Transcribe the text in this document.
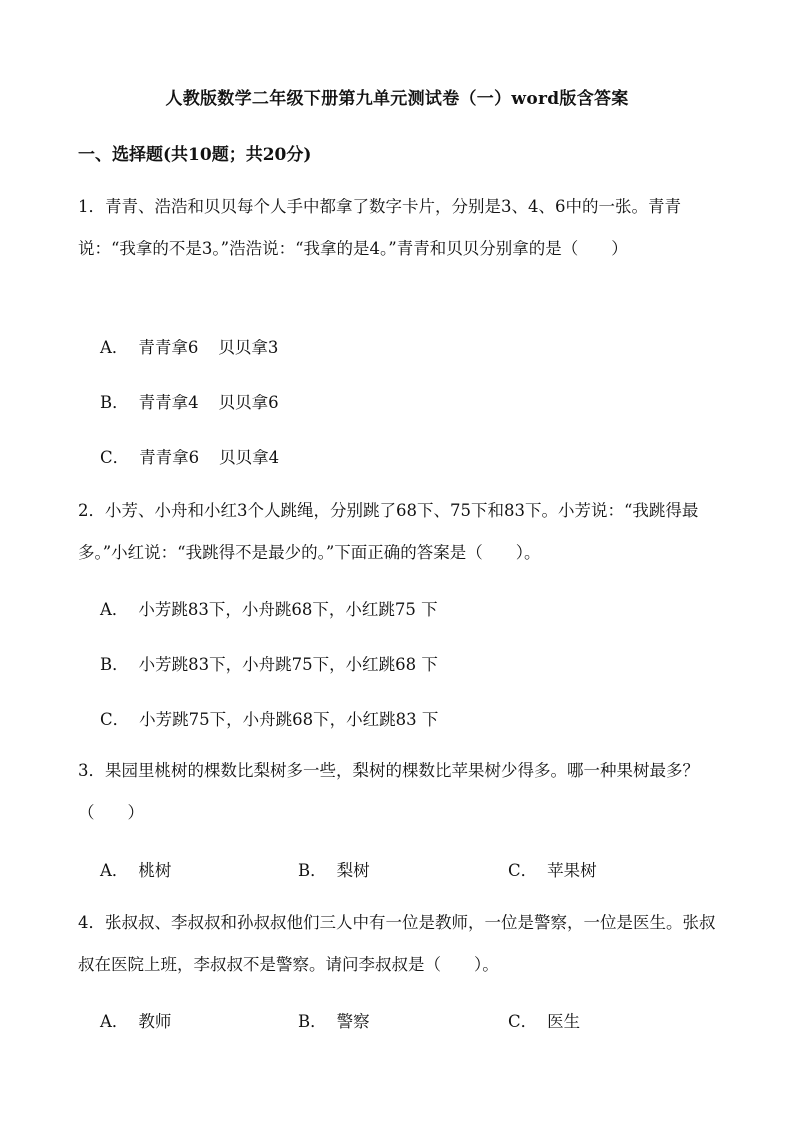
人教版数学二年级下册第九单元测试卷（一）word版含答案
一、选择题(共10题；共20分)
1．青青、浩浩和贝贝每个人手中都拿了数字卡片，分别是3、4、6中的一张。青青说：“我拿的不是3。”浩浩说：“我拿的是4。”青青和贝贝分别拿的是（　　）
A． 青青拿6 贝贝拿3
B． 青青拿4 贝贝拿6
C． 青青拿6 贝贝拿4
2．小芳、小舟和小红3个人跳绳，分别跳了68下、75下和83下。小芳说：“我跳得最多。”小红说：“我跳得不是最少的。”下面正确的答案是（　　）。
A． 小芳跳83下，小舟跳68下，小红跳75 下
B． 小芳跳83下，小舟跳75下，小红跳68 下
C． 小芳跳75下，小舟跳68下，小红跳83 下
3．果园里桃树的棵数比梨树多一些，梨树的棵数比苹果树少得多。哪一种果树最多？（　　）
A． 桃树	B． 梨树	C． 苹果树
4．张叔叔、李叔叔和孙叔叔他们三人中有一位是教师，一位是警察，一位是医生。张叔叔在医院上班，李叔叔不是警察。请问李叔叔是（　　）。
A． 教师	B． 警察	C． 医生
